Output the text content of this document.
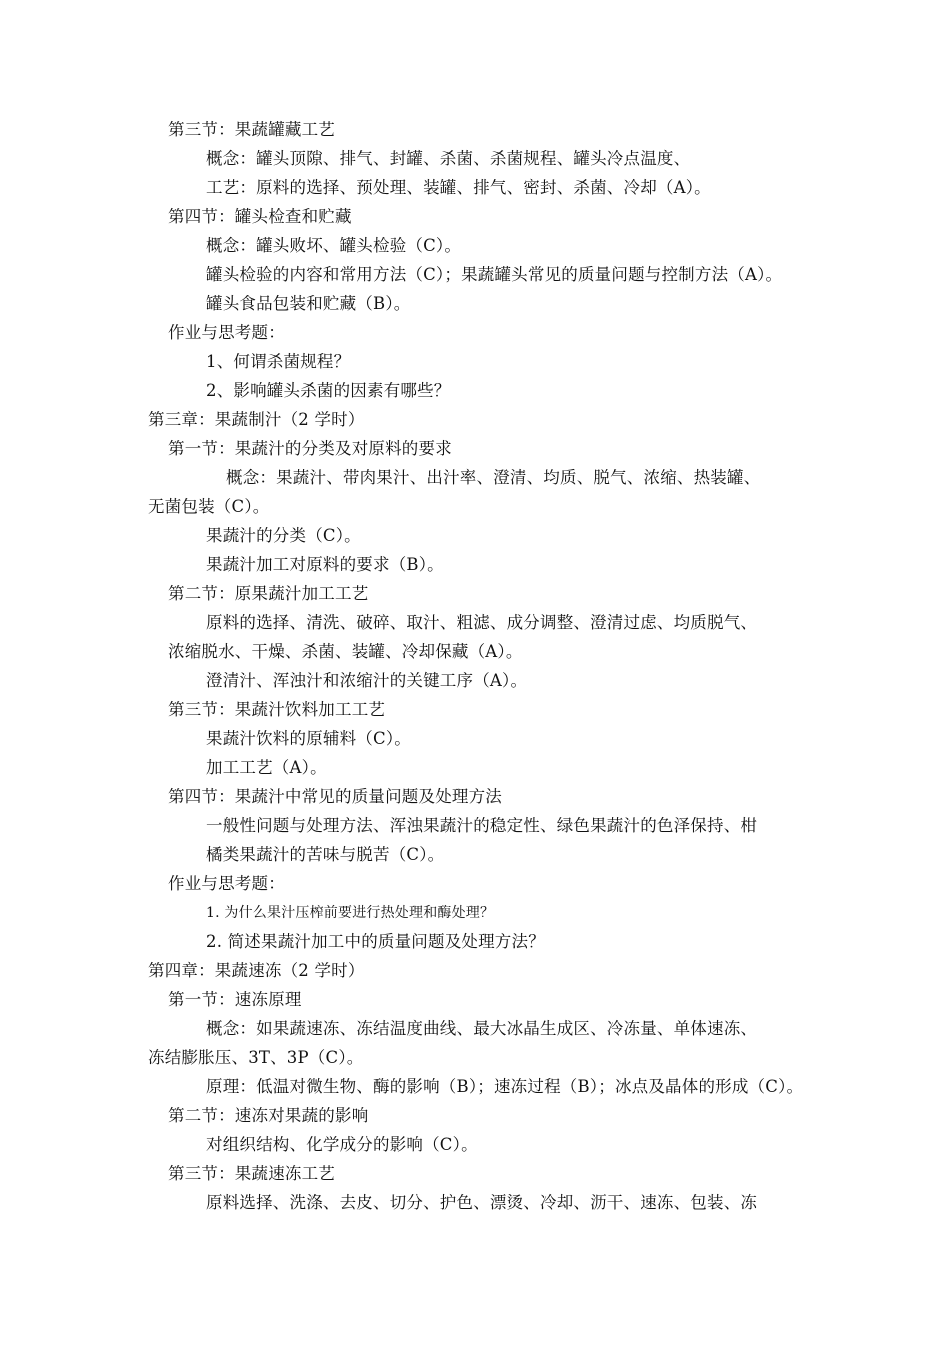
第三节：果蔬罐藏工艺
概念：罐头顶隙、排气、封罐、杀菌、杀菌规程、罐头冷点温度、
工艺：原料的选择、预处理、装罐、排气、密封、杀菌、冷却（A）。
第四节：罐头检查和贮藏
概念：罐头败坏、罐头检验（C）。
罐头检验的内容和常用方法（C）；果蔬罐头常见的质量问题与控制方法（A）。
罐头食品包装和贮藏（B）。
作业与思考题：
1、何谓杀菌规程？
2、影响罐头杀菌的因素有哪些？
第三章：果蔬制汁（2 学时）
第一节：果蔬汁的分类及对原料的要求
概念：果蔬汁、带肉果汁、出汁率、澄清、均质、脱气、浓缩、热装罐、
无菌包装（C）。
果蔬汁的分类（C）。
果蔬汁加工对原料的要求（B）。
第二节：原果蔬汁加工工艺
原料的选择、清洗、破碎、取汁、粗滤、成分调整、澄清过虑、均质脱气、
浓缩脱水、干燥、杀菌、装罐、冷却保藏（A）。
澄清汁、浑浊汁和浓缩汁的关键工序（A）。
第三节：果蔬汁饮料加工工艺
果蔬汁饮料的原辅料（C）。
加工工艺（A）。
第四节：果蔬汁中常见的质量问题及处理方法
一般性问题与处理方法、浑浊果蔬汁的稳定性、绿色果蔬汁的色泽保持、柑
橘类果蔬汁的苦味与脱苦（C）。
作业与思考题：
1. 为什么果汁压榨前要进行热处理和酶处理？
2. 简述果蔬汁加工中的质量问题及处理方法？
第四章：果蔬速冻（2 学时）
第一节：速冻原理
概念：如果蔬速冻、冻结温度曲线、最大冰晶生成区、冷冻量、单体速冻、
冻结膨胀压、3T、3P（C）。
原理：低温对微生物、酶的影响（B）；速冻过程（B）；冰点及晶体的形成（C）。
第二节：速冻对果蔬的影响
对组织结构、化学成分的影响（C）。
第三节：果蔬速冻工艺
原料选择、洗涤、去皮、切分、护色、漂烫、冷却、沥干、速冻、包装、冻
